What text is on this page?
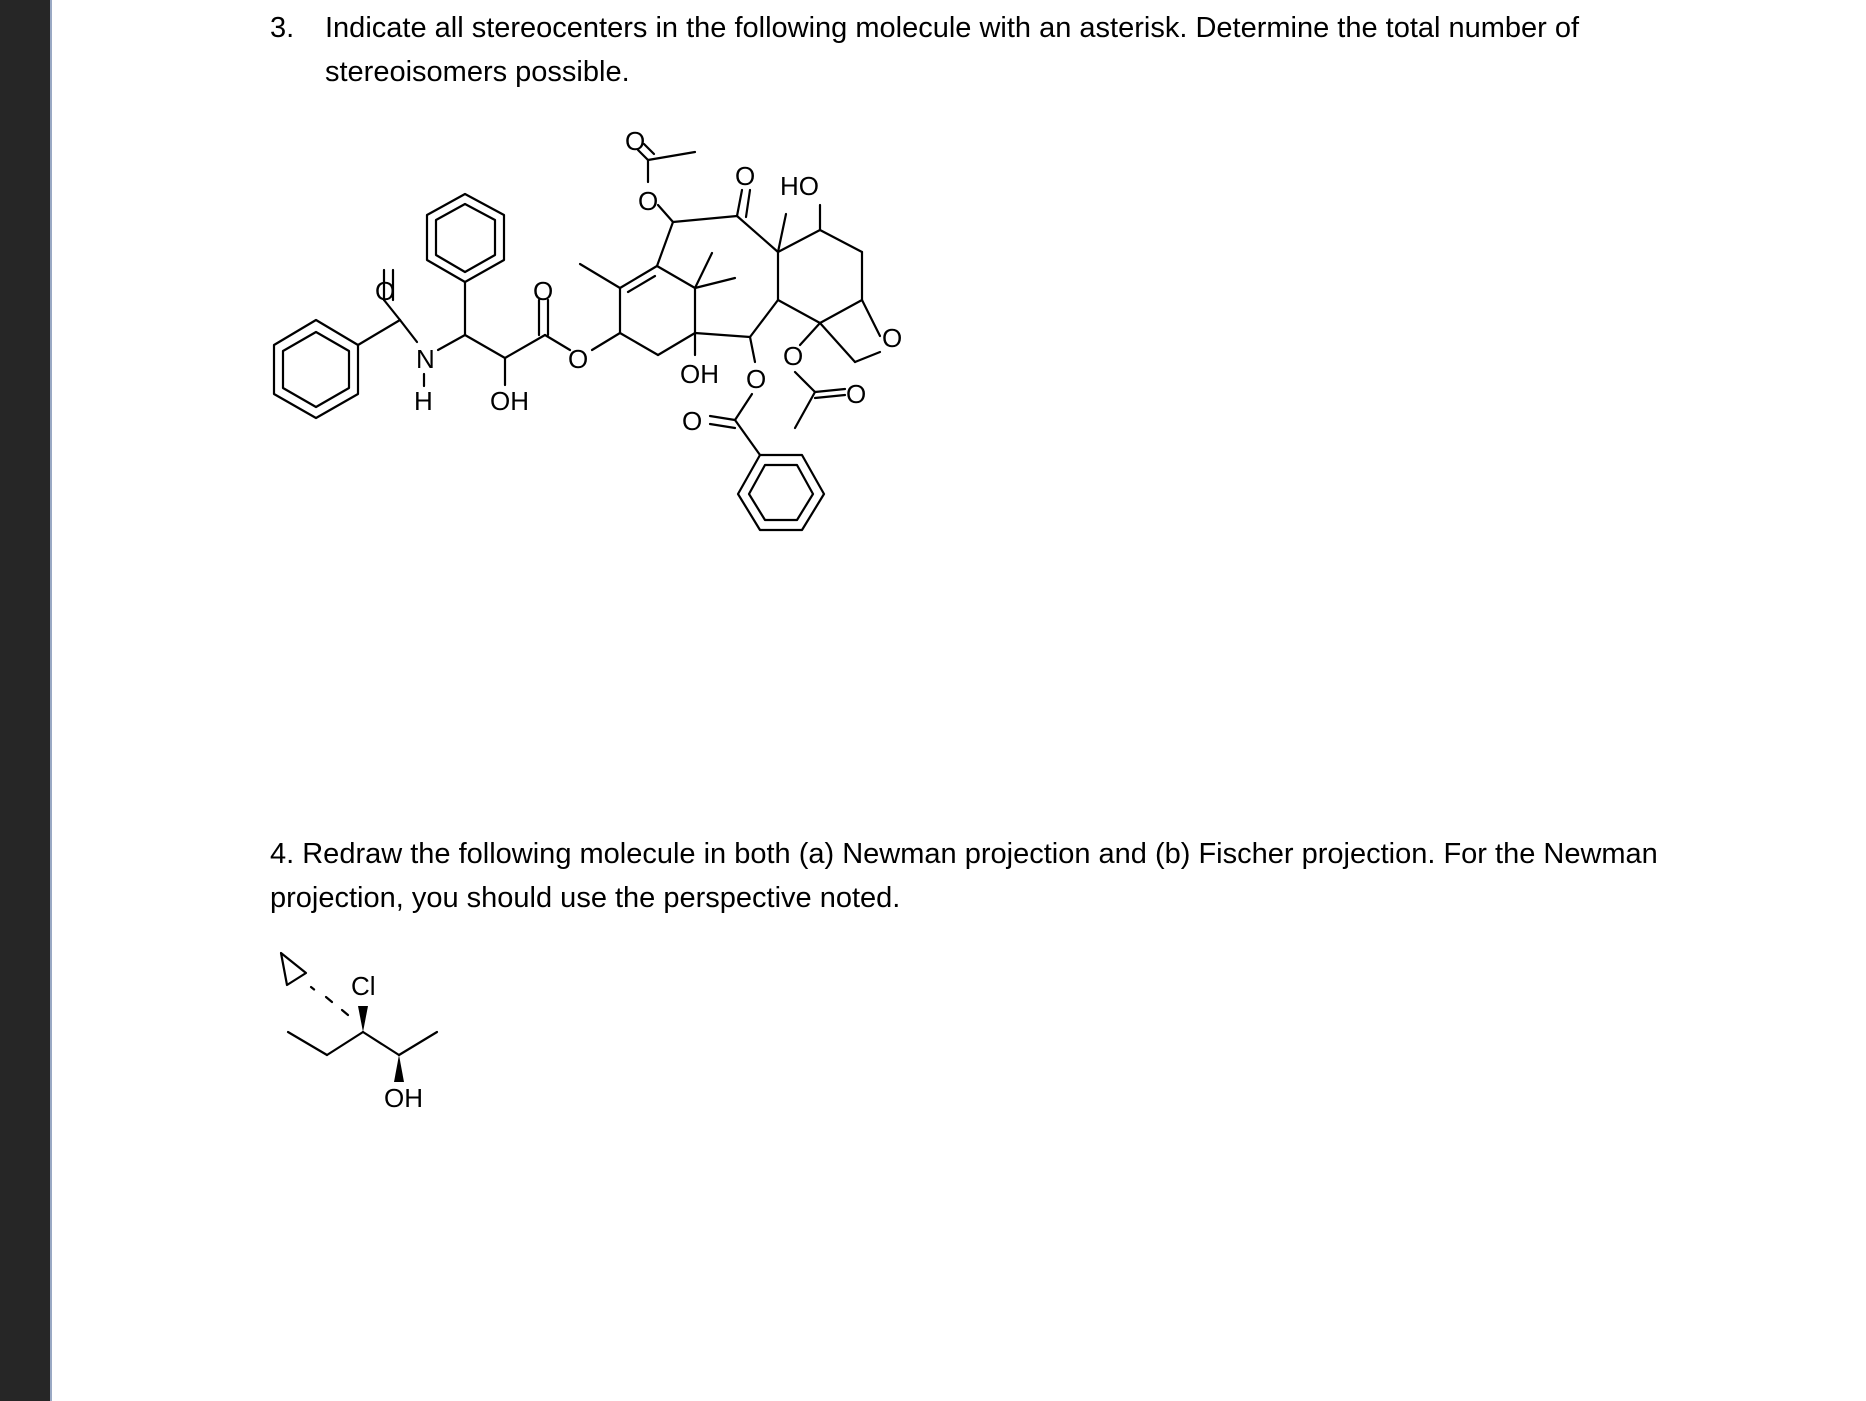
3. Indicate all stereocenters in the following molecule with an asterisk. Determine the total number of stereoisomers possible.
O
N
H OH
O
O
O
O
O
OH O
O
HO
O
O
O
4. Redraw the following molecule in both (a) Newman projection and (b) Fischer projection. For the Newman projection, you should use the perspective noted.
Cl
OH
